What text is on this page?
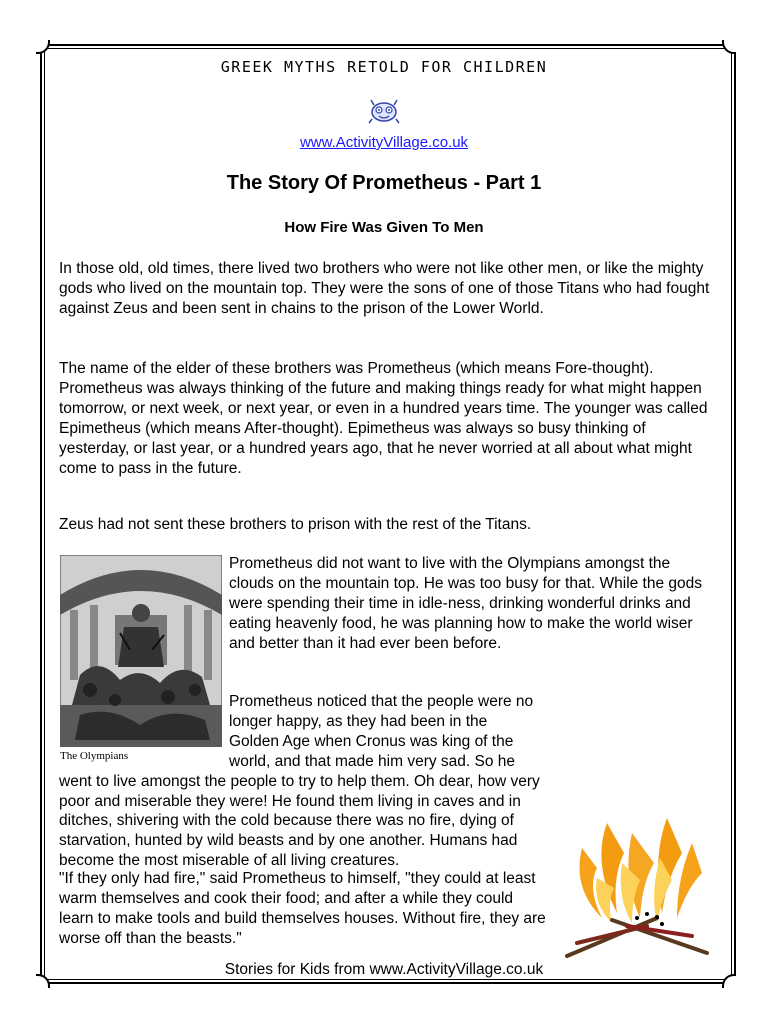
GREEK MYTHS RETOLD FOR CHILDREN
www.ActivityVillage.co.uk
The Story Of Prometheus - Part 1
How Fire Was Given To Men

In those old, old times, there lived two brothers who were not like other men, or like the mighty gods who lived on the mountain top. They were the sons of one of those Titans who had fought against Zeus and been sent in chains to the prison of the Lower World.

The name of the elder of these brothers was Prometheus (which means Fore-thought). Prometheus was always thinking of the future and making things ready for what might happen tomorrow, or next week, or next year, or even in a hundred years time. The younger was called Epimetheus (which means After-thought). Epimetheus was always so busy thinking of yesterday, or last year, or a hundred years ago, that he never worried at all about what might come to pass in the future.

Zeus had not sent these brothers to prison with the rest of the Titans.

Prometheus did not want to live with the Olympians amongst the clouds on the mountain top. He was too busy for that. While the gods were spending their time in idle-ness, drinking wonderful drinks and eating heavenly food, he was planning how to make the world wiser and better than it had ever been before.
Prometheus noticed that the people were no longer happy, as they had been in the Golden Age when Cronus was king of the world, and that made him very sad. So he went to live amongst the people to try to help them. Oh dear, how very poor and miserable they were! He found them living in caves and in ditches, shivering with the cold because there was no fire, dying of starvation, hunted by wild beasts and by one another. Humans had become the most miserable of all living creatures.
"If they only had fire," said Prometheus to himself, "they could at least warm themselves and cook their food; and after a while they could learn to make tools and build themselves houses. Without fire, they are worse off than the beasts."
The Olympians
Stories for Kids from www.ActivityVillage.co.uk
